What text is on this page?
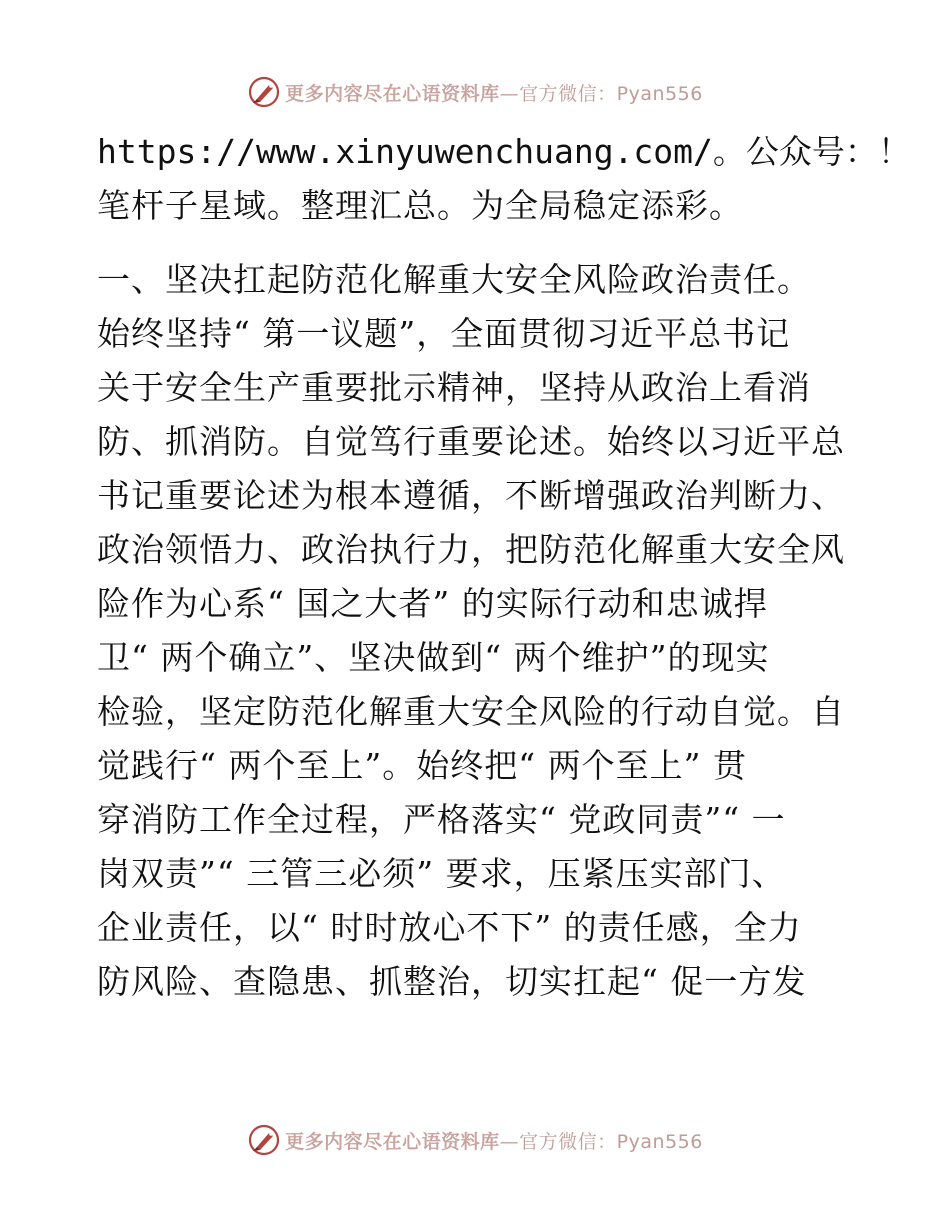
更多内容尽在心语资料库—官方微信：Pyan556
https://www.xinyuwenchuang.com/。公众号：！
笔杆子星域。整理汇总。为全局稳定添彩。
一、坚决扛起防范化解重大安全风险政治责任。
始终坚持“ 第一议题”，全面贯彻习近平总书记
关于安全生产重要批示精神，坚持从政治上看消
防、抓消防。自觉笃行重要论述。始终以习近平总
书记重要论述为根本遵循，不断增强政治判断力、
政治领悟力、政治执行力，把防范化解重大安全风
险作为心系“ 国之大者” 的实际行动和忠诚捍
卫“ 两个确立”、坚决做到“ 两个维护”的现实
检验，坚定防范化解重大安全风险的行动自觉。自
觉践行“ 两个至上”。始终把“ 两个至上” 贯
穿消防工作全过程，严格落实“ 党政同责”“ 一
岗双责”“ 三管三必须” 要求，压紧压实部门、
企业责任，以“ 时时放心不下” 的责任感，全力
防风险、查隐患、抓整治，切实扛起“ 促一方发
更多内容尽在心语资料库—官方微信：Pyan556
